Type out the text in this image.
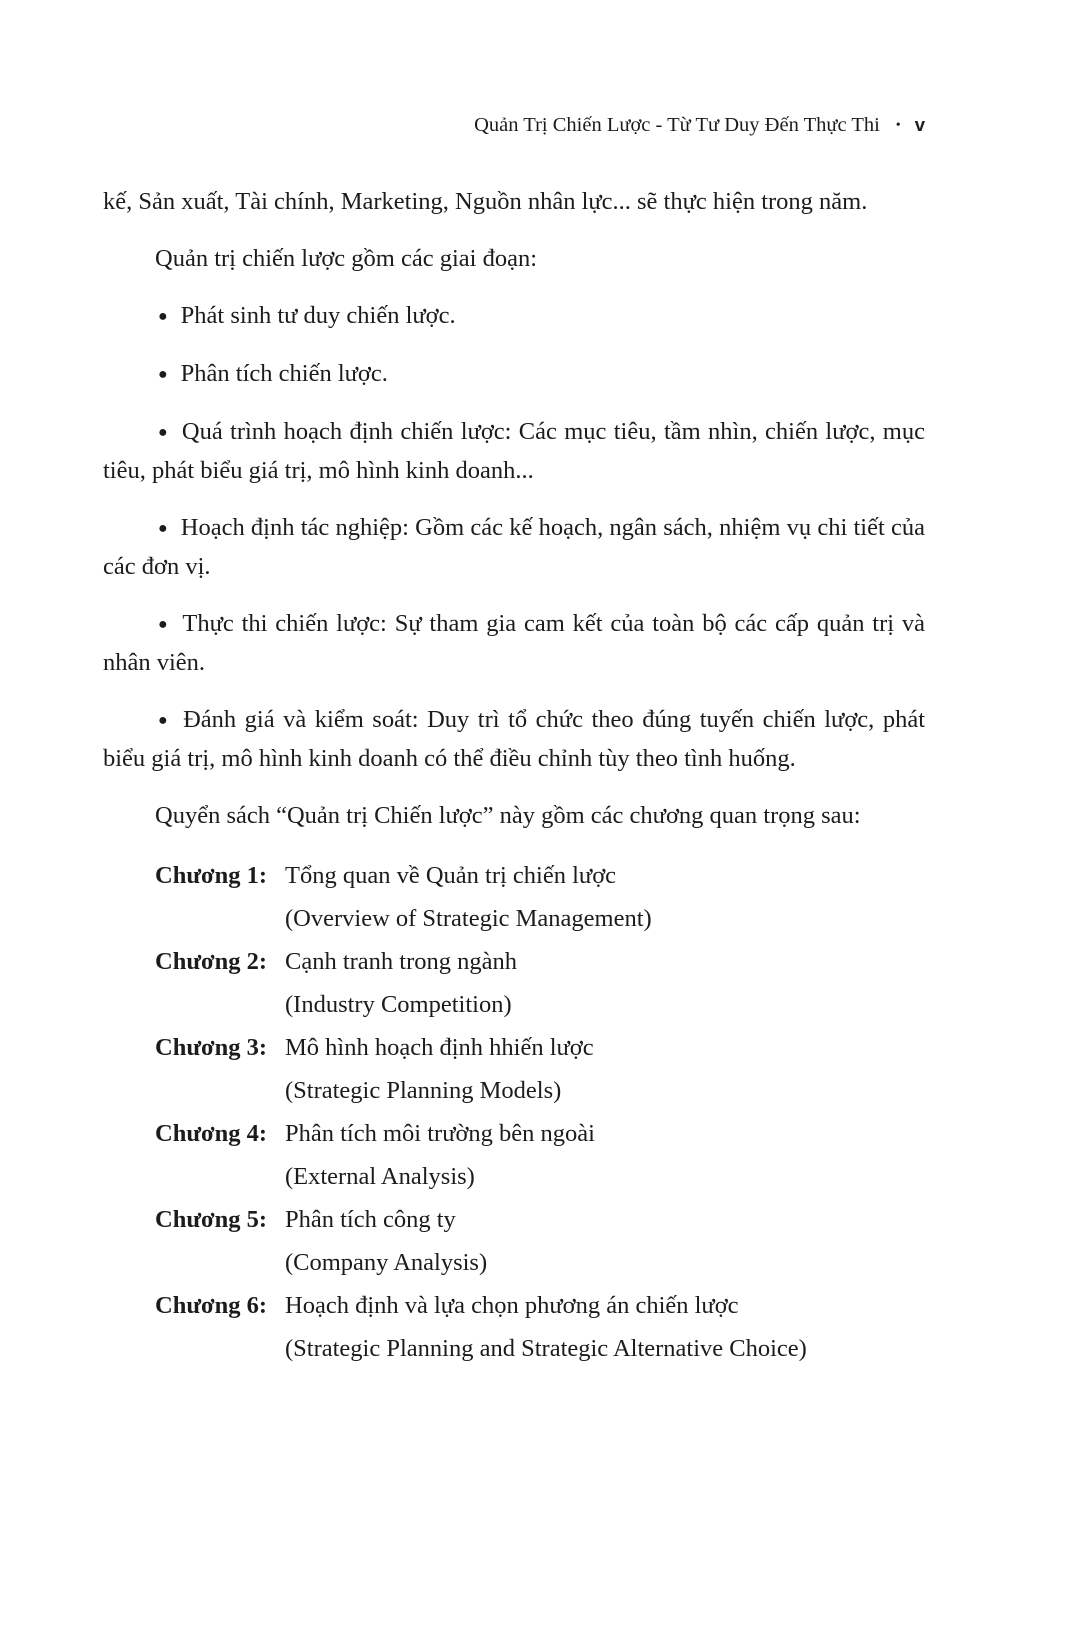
Quản Trị Chiến Lược - Từ Tư Duy Đến Thực Thi • v

kế, Sản xuất, Tài chính, Marketing, Nguồn nhân lực... sẽ thực hiện trong năm.

Quản trị chiến lược gồm các giai đoạn:

● Phát sinh tư duy chiến lược.

● Phân tích chiến lược.

● Quá trình hoạch định chiến lược: Các mục tiêu, tầm nhìn, chiến lược, mục tiêu, phát biểu giá trị, mô hình kinh doanh...

● Hoạch định tác nghiệp: Gồm các kế hoạch, ngân sách, nhiệm vụ chi tiết của các đơn vị.

● Thực thi chiến lược: Sự tham gia cam kết của toàn bộ các cấp quản trị và nhân viên.

● Đánh giá và kiểm soát: Duy trì tổ chức theo đúng tuyến chiến lược, phát biểu giá trị, mô hình kinh doanh có thể điều chỉnh tùy theo tình huống.

Quyển sách “Quản trị Chiến lược” này gồm các chương quan trọng sau:

Chương 1: Tổng quan về Quản trị chiến lược
(Overview of Strategic Management)
Chương 2: Cạnh tranh trong ngành
(Industry Competition)
Chương 3: Mô hình hoạch định hhiến lược
(Strategic Planning Models)
Chương 4: Phân tích môi trường bên ngoài
(External Analysis)
Chương 5: Phân tích công ty
(Company Analysis)
Chương 6: Hoạch định và lựa chọn phương án chiến lược
(Strategic Planning and Strategic Alternative Choice)
